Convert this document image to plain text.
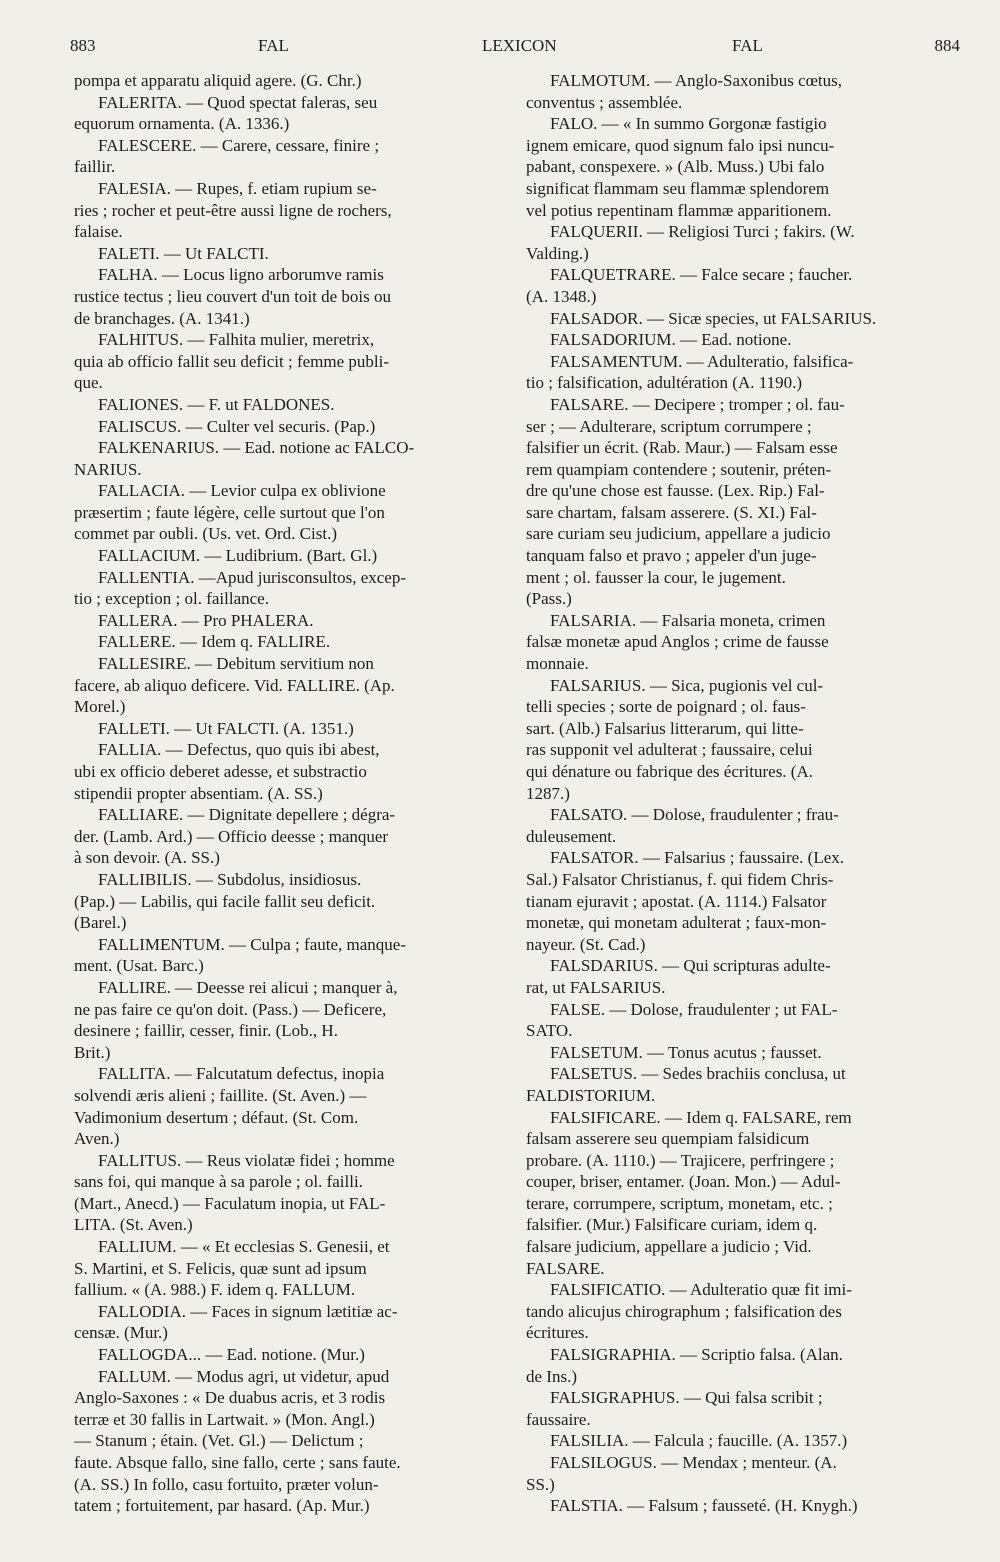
883	FAL	LEXICON	FAL	884
pompa et apparatu aliquid agere. (G. Chr.)
FALERITA. — Quod spectat faleras, seu
equorum ornamenta. (A. 1336.)
FALESCERE. — Carere, cessare, finire ;
faillir.
FALESIA. — Rupes, f. etiam rupium se-
ries ; rocher et peut-être aussi ligne de rochers,
falaise.
FALETI. — Ut FALCTI.
FALHA. — Locus ligno arborumve ramis
rustice tectus ; lieu couvert d'un toit de bois ou
de branchages. (A. 1341.)
FALHITUS. — Falhita mulier, meretrix,
quia ab officio fallit seu deficit ; femme publi-
que.
FALIONES. — F. ut FALDONES.
FALISCUS. — Culter vel securis. (Pap.)
FALKENARIUS. — Ead. notione ac FALCO-
NARIUS.
FALLACIA. — Levior culpa ex oblivione
præsertim ; faute légère, celle surtout que l'on
commet par oubli. (Us. vet. Ord. Cist.)
FALLACIUM. — Ludibrium. (Bart. Gl.)
FALLENTIA. —Apud jurisconsultos, excep-
tio ; exception ; ol. faillance.
FALLERA. — Pro PHALERA.
FALLERE. — Idem q. FALLIRE.
FALLESIRE. — Debitum servitium non
facere, ab aliquo deficere. Vid. FALLIRE. (Ap.
Morel.)
FALLETI. — Ut FALCTI. (A. 1351.)
FALLIA. — Defectus, quo quis ibi abest,
ubi ex officio deberet adesse, et substractio
stipendii propter absentiam. (A. SS.)
FALLIARE. — Dignitate depellere ; dégra-
der. (Lamb. Ard.) — Officio deesse ; manquer
à son devoir. (A. SS.)
FALLIBILIS. — Subdolus, insidiosus.
(Pap.) — Labilis, qui facile fallit seu deficit.
(Barel.)
FALLIMENTUM. — Culpa ; faute, manque-
ment. (Usat. Barc.)
FALLIRE. — Deesse rei alicui ; manquer à,
ne pas faire ce qu'on doit. (Pass.) — Deficere,
desinere ; faillir, cesser, finir. (Lob., H.
Brit.)
FALLITA. — Falcutatum defectus, inopia
solvendi æris alieni ; faillite. (St. Aven.) —
Vadimonium desertum ; défaut. (St. Com.
Aven.)
FALLITUS. — Reus violatæ fidei ; homme
sans foi, qui manque à sa parole ; ol. failli.
(Mart., Anecd.) — Faculatum inopia, ut FAL-
LITA. (St. Aven.)
FALLIUM. — « Et ecclesias S. Genesii, et
S. Martini, et S. Felicis, quæ sunt ad ipsum
fallium. « (A. 988.) F. idem q. FALLUM.
FALLODIA. — Faces in signum lætitiæ ac-
censæ. (Mur.)
FALLOGDA... — Ead. notione. (Mur.)
FALLUM. — Modus agri, ut videtur, apud
Anglo-Saxones : « De duabus acris, et 3 rodis
terræ et 30 fallis in Lartwait. » (Mon. Angl.)
— Stanum ; étain. (Vet. Gl.) — Delictum ;
faute. Absque fallo, sine fallo, certe ; sans faute.
(A. SS.) In follo, casu fortuito, præter volun-
tatem ; fortuitement, par hasard. (Ap. Mur.)
FALMOTUM. — Anglo-Saxonibus cœtus,
conventus ; assemblée.
FALO. — « In summo Gorgonæ fastigio
ignem emicare, quod signum falo ipsi nuncu-
pabant, conspexere. » (Alb. Muss.) Ubi falo
significat flammam seu flammæ splendorem
vel potius repentinam flammæ apparitionem.
FALQUERII. — Religiosi Turci ; fakirs. (W.
Valding.)
FALQUETRARE. — Falce secare ; faucher.
(A. 1348.)
FALSADOR. — Sicæ species, ut FALSARIUS.
FALSADORIUM. — Ead. notione.
FALSAMENTUM. — Adulteratio, falsifica-
tio ; falsification, adultération (A. 1190.)
FALSARE. — Decipere ; tromper ; ol. fau-
ser ; — Adulterare, scriptum corrumpere ;
falsifier un écrit. (Rab. Maur.) — Falsam esse
rem quampiam contendere ; soutenir, préten-
dre qu'une chose est fausse. (Lex. Rip.) Fal-
sare chartam, falsam asserere. (S. XI.) Fal-
sare curiam seu judicium, appellare a judicio
tanquam falso et pravo ; appeler d'un juge-
ment ; ol. fausser la cour, le jugement.
(Pass.)
FALSARIA. — Falsaria moneta, crimen
falsæ monetæ apud Anglos ; crime de fausse
monnaie.
FALSARIUS. — Sica, pugionis vel cul-
telli species ; sorte de poignard ; ol. faus-
sart. (Alb.) Falsarius litterarum, qui litte-
ras supponit vel adulterat ; faussaire, celui
qui dénature ou fabrique des écritures. (A.
1287.)
FALSATO. — Dolose, fraudulenter ; frau-
duleusement.
FALSATOR. — Falsarius ; faussaire. (Lex.
Sal.) Falsator Christianus, f. qui fidem Chris-
tianam ejuravit ; apostat. (A. 1114.) Falsator
monetæ, qui monetam adulterat ; faux-mon-
nayeur. (St. Cad.)
FALSDARIUS. — Qui scripturas adulte-
rat, ut FALSARIUS.
FALSE. — Dolose, fraudulenter ; ut FAL-
SATO.
FALSETUM. — Tonus acutus ; fausset.
FALSETUS. — Sedes brachiis conclusa, ut
FALDISTORIUM.
FALSIFICARE. — Idem q. FALSARE, rem
falsam asserere seu quempiam falsidicum
probare. (A. 1110.) — Trajicere, perfringere ;
couper, briser, entamer. (Joan. Mon.) — Adul-
terare, corrumpere, scriptum, monetam, etc. ;
falsifier. (Mur.) Falsificare curiam, idem q.
falsare judicium, appellare a judicio ; Vid.
FALSARE.
FALSIFICATIO. — Adulteratio quæ fit imi-
tando alicujus chirographum ; falsification des
écritures.
FALSIGRAPHIA. — Scriptio falsa. (Alan.
de Ins.)
FALSIGRAPHUS. — Qui falsa scribit ;
faussaire.
FALSILIA. — Falcula ; faucille. (A. 1357.)
FALSILOGUS. — Mendax ; menteur. (A.
SS.)
FALSTIA. — Falsum ; fausseté. (H. Knygh.)
